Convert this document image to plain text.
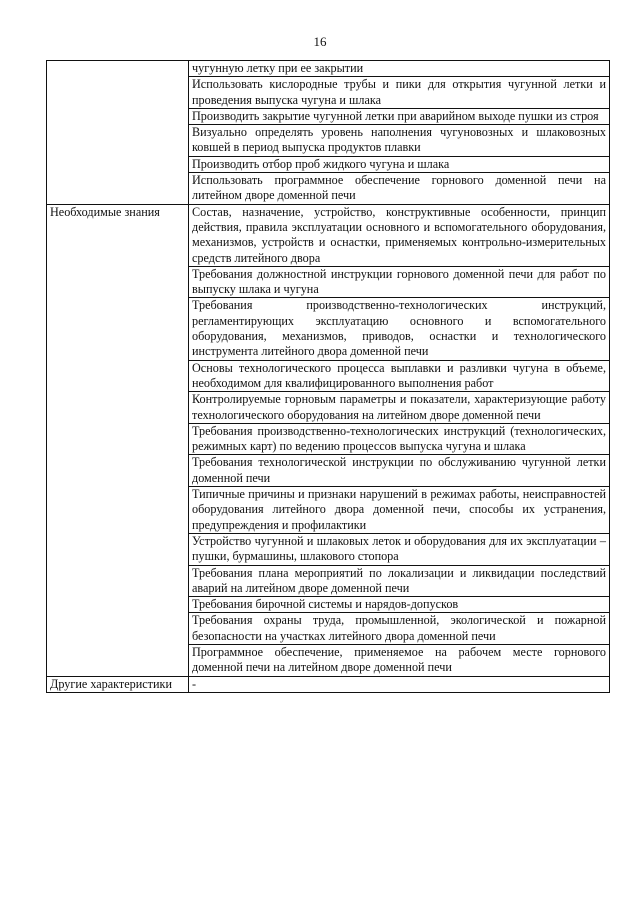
16
	чугунную летку при ее закрытии
	Использовать кислородные трубы и пики для открытия чугунной летки и проведения выпуска чугуна и шлака
	Производить закрытие чугунной летки при аварийном выходе пушки из строя
	Визуально определять уровень наполнения чугуновозных и шлаковозных ковшей в период выпуска продуктов плавки
	Производить отбор проб жидкого чугуна и шлака
	Использовать программное обеспечение горнового доменной печи на литейном дворе доменной печи
Необходимые знания	Состав, назначение, устройство, конструктивные особенности, принцип действия, правила эксплуатации основного и вспомогательного оборудования, механизмов, устройств и оснастки, применяемых контрольно-измерительных средств литейного двора
	Требования должностной инструкции горнового доменной печи для работ по выпуску шлака и чугуна
	Требования производственно-технологических инструкций, регламентирующих эксплуатацию основного и вспомогательного оборудования, механизмов, приводов, оснастки и технологического инструмента литейного двора доменной печи
	Основы технологического процесса выплавки и разливки чугуна в объеме, необходимом для квалифицированного выполнения работ
	Контролируемые горновым параметры и показатели, характеризующие работу технологического оборудования на литейном дворе доменной печи
	Требования производственно-технологических инструкций (технологических, режимных карт) по ведению процессов выпуска чугуна и шлака
	Требования технологической инструкции по обслуживанию чугунной летки доменной печи
	Типичные причины и признаки нарушений в режимах работы, неисправностей оборудования литейного двора доменной печи, способы их устранения, предупреждения и профилактики
	Устройство чугунной и шлаковых леток и оборудования для их эксплуатации – пушки, бурмашины, шлакового стопора
	Требования плана мероприятий по локализации и ликвидации последствий аварий на литейном дворе доменной печи
	Требования бирочной системы и нарядов-допусков
	Требования охраны труда, промышленной, экологической и пожарной безопасности на участках литейного двора доменной печи
	Программное обеспечение, применяемое на рабочем месте горнового доменной печи на литейном дворе доменной печи
Другие характеристики	-
